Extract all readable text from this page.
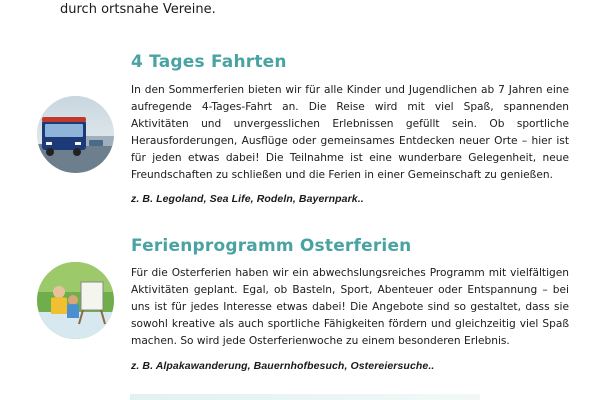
durch ortsnahe Vereine.
4 Tages Fahrten
In den Sommerferien bieten wir für alle Kinder und Jugendlichen ab 7 Jahren eine aufregende 4-Tages-Fahrt an. Die Reise wird mit viel Spaß, spannenden Aktivitäten und unvergesslichen Erlebnissen gefüllt sein. Ob sportliche Herausforderungen, Ausflüge oder gemeinsames Entdecken neuer Orte – hier ist für jeden etwas dabei! Die Teilnahme ist eine wunderbare Gelegenheit, neue Freundschaften zu schließen und die Ferien in einer Gemeinschaft zu genießen.
z. B. Legoland, Sea Life, Rodeln, Bayernpark..
Ferienprogramm Osterferien
Für die Osterferien haben wir ein abwechslungsreiches Programm mit vielfältigen Aktivitäten geplant. Egal, ob Basteln, Sport, Abenteuer oder Entspannung – bei uns ist für jedes Interesse etwas dabei! Die Angebote sind so gestaltet, dass sie sowohl kreative als auch sportliche Fähigkeiten fördern und gleichzeitig viel Spaß machen. So wird jede Osterferienwoche zu einem besonderen Erlebnis.
z. B. Alpakawanderung, Bauernhofbesuch, Ostereiersuche..
